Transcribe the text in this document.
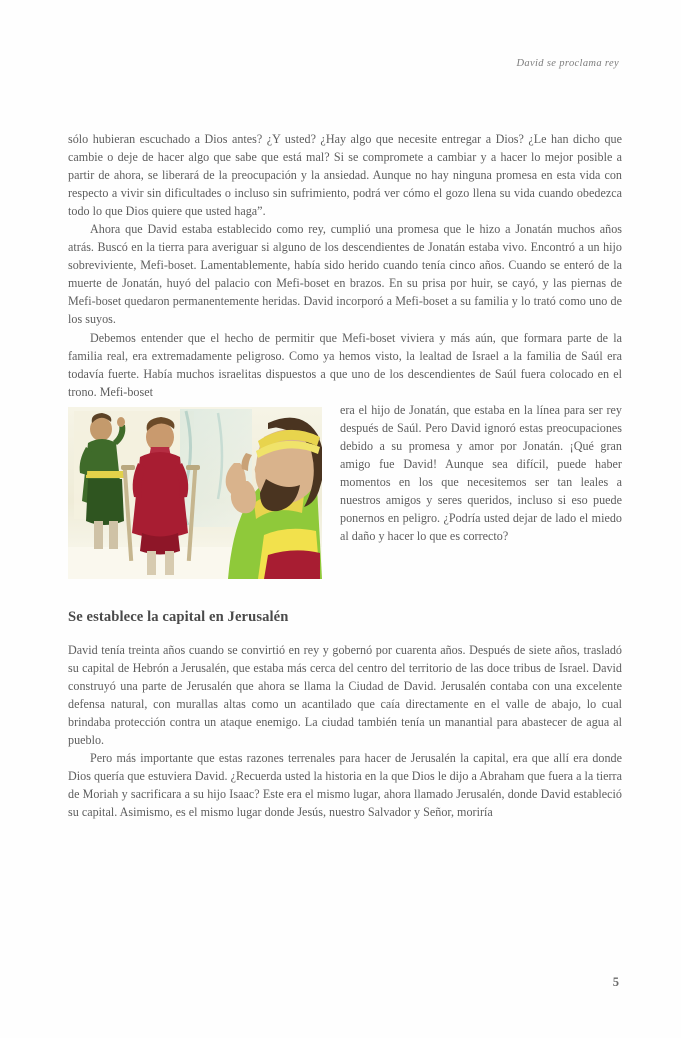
David se proclama rey

sólo hubieran escuchado a Dios antes? ¿Y usted? ¿Hay algo que necesite entregar a Dios? ¿Le han dicho que cambie o deje de hacer algo que sabe que está mal? Si se compromete a cambiar y a hacer lo mejor posible a partir de ahora, se liberará de la preocupación y la ansiedad. Aunque no hay ninguna promesa en esta vida con respecto a vivir sin dificultades o incluso sin sufrimiento, podrá ver cómo el gozo llena su vida cuando obedezca todo lo que Dios quiere que usted haga”.

Ahora que David estaba establecido como rey, cumplió una promesa que le hizo a Jonatán muchos años atrás. Buscó en la tierra para averiguar si alguno de los descendientes de Jonatán estaba vivo. Encontró a un hijo sobreviviente, Mefi-boset. Lamentablemente, había sido herido cuando tenía cinco años. Cuando se enteró de la muerte de Jonatán, huyó del palacio con Mefi-boset en brazos. En su prisa por huir, se cayó, y las piernas de Mefi-boset quedaron permanentemente heridas. David incorporó a Mefi-boset a su familia y lo trató como uno de los suyos.

Debemos entender que el hecho de permitir que Mefi-boset viviera y más aún, que formara parte de la familia real, era extremadamente peligroso. Como ya hemos visto, la lealtad de Israel a la familia de Saúl era todavía fuerte. Había muchos israelitas dispuestos a que uno de los descendientes de Saúl fuera colocado en el trono. Mefi-boset

era el hijo de Jonatán, que estaba en la línea para ser rey después de Saúl. Pero David ignoró estas preocupaciones debido a su promesa y amor por Jonatán. ¡Qué gran amigo fue David! Aunque sea difícil, puede haber momentos en los que necesitemos ser tan leales a nuestros amigos y seres queridos, incluso si eso puede ponernos en peligro. ¿Podría usted dejar de lado el miedo al daño y hacer lo que es correcto?

Se establece la capital en Jerusalén

David tenía treinta años cuando se convirtió en rey y gobernó por cuarenta años. Después de siete años, trasladó su capital de Hebrón a Jerusalén, que estaba más cerca del centro del territorio de las doce tribus de Israel. David construyó una parte de Jerusalén que ahora se llama la Ciudad de David. Jerusalén contaba con una excelente defensa natural, con murallas altas como un acantilado que caía directamente en el valle de abajo, lo cual brindaba protección contra un ataque enemigo. La ciudad también tenía un manantial para abastecer de agua al pueblo.

Pero más importante que estas razones terrenales para hacer de Jerusalén la capital, era que allí era donde Dios quería que estuviera David. ¿Recuerda usted la historia en la que Dios le dijo a Abraham que fuera a la tierra de Moriah y sacrificara a su hijo Isaac? Este era el mismo lugar, ahora llamado Jerusalén, donde David estableció su capital. Asimismo, es el mismo lugar donde Jesús, nuestro Salvador y Señor, moriría

5
